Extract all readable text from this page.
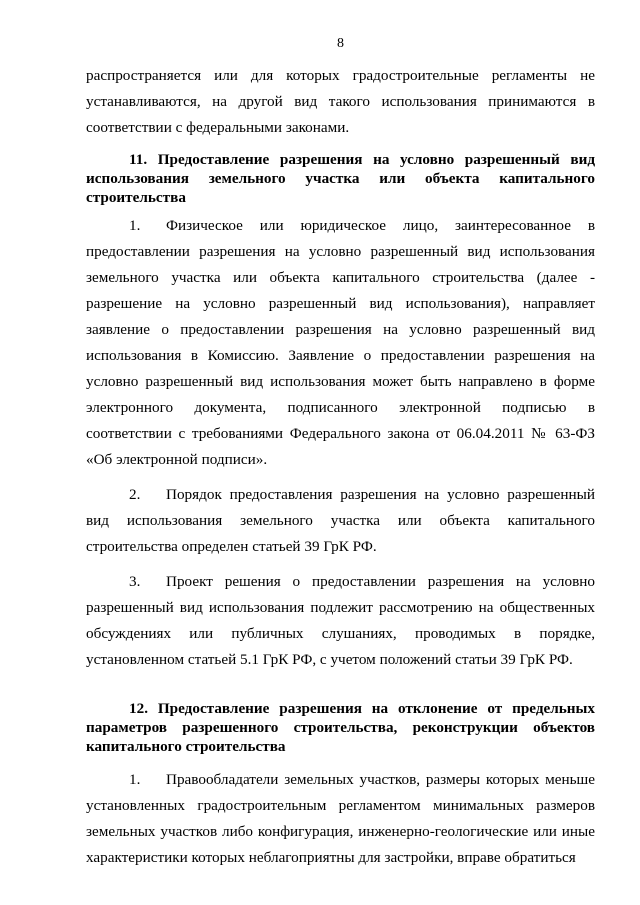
8

распространяется или для которых градостроительные регламенты не устанавливаются, на другой вид такого использования принимаются в соответствии с федеральными законами.

11. Предоставление разрешения на условно разрешенный вид использования земельного участка или объекта капитального строительства

1. Физическое или юридическое лицо, заинтересованное в предоставлении разрешения на условно разрешенный вид использования земельного участка или объекта капитального строительства (далее - разрешение на условно разрешенный вид использования), направляет заявление о предоставлении разрешения на условно разрешенный вид использования в Комиссию. Заявление о предоставлении разрешения на условно разрешенный вид использования может быть направлено в форме электронного документа, подписанного электронной подписью в соответствии с требованиями Федерального закона от 06.04.2011 № 63-ФЗ «Об электронной подписи».

2. Порядок предоставления разрешения на условно разрешенный вид использования земельного участка или объекта капитального строительства определен статьей 39 ГрК РФ.

3. Проект решения о предоставлении разрешения на условно разрешенный вид использования подлежит рассмотрению на общественных обсуждениях или публичных слушаниях, проводимых в порядке, установленном статьей 5.1 ГрК РФ, с учетом положений статьи 39 ГрК РФ.

12. Предоставление разрешения на отклонение от предельных параметров разрешенного строительства, реконструкции объектов капитального строительства

1. Правообладатели земельных участков, размеры которых меньше установленных градостроительным регламентом минимальных размеров земельных участков либо конфигурация, инженерно-геологические или иные характеристики которых неблагоприятны для застройки, вправе обратиться
